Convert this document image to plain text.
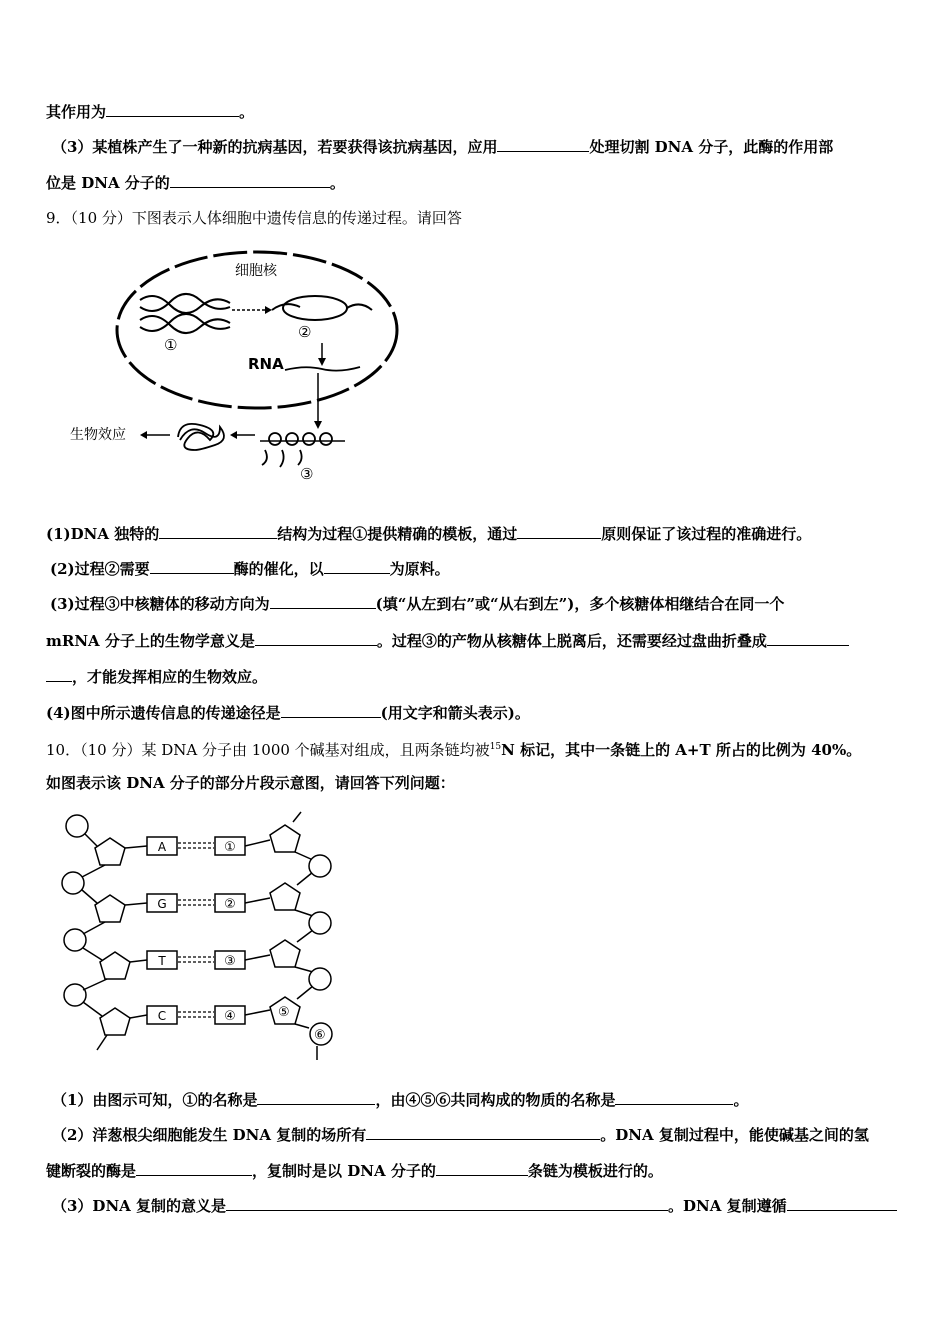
其作用为	。
（3）某植株产生了一种新的抗病基因，若要获得该抗病基因，应用	处理切割 DNA 分子，此酶的作用部
位是 DNA 分子的	。
9．（10 分）下图表示人体细胞中遗传信息的传递过程。请回答
细胞核
①
②
RNA
③
生物效应
(1)DNA 独特的	结构为过程①提供精确的模板，通过	原则保证了该过程的准确进行。
(2)过程②需要	酶的催化，以	为原料。
(3)过程③中核糖体的移动方向为	(填“从左到右”或“从右到左”)，多个核糖体相继结合在同一个
mRNA 分子上的生物学意义是	。过程③的产物从核糖体上脱离后，还需要经过盘曲折叠成
，才能发挥相应的生物效应。
(4)图中所示遗传信息的传递途径是	(用文字和箭头表示)。
10．（10 分）某 DNA 分子由 1000 个碱基对组成，且两条链均被$^{15}$N 标记，其中一条链上的 A+T 所占的比例为 40%。
如图表示该 DNA 分子的部分片段示意图，请回答下列问题：
A
G
T
C
①
②
③
④	⑤
⑥
（1）由图示可知，①的名称是	，由④⑤⑥共同构成的物质的名称是	。
（2）洋葱根尖细胞能发生 DNA 复制的场所有	。DNA 复制过程中，能使碱基之间的氢
键断裂的酶是	，复制时是以 DNA 分子的	条链为模板进行的。
（3）DNA 复制的意义是	。DNA 复制遵循
